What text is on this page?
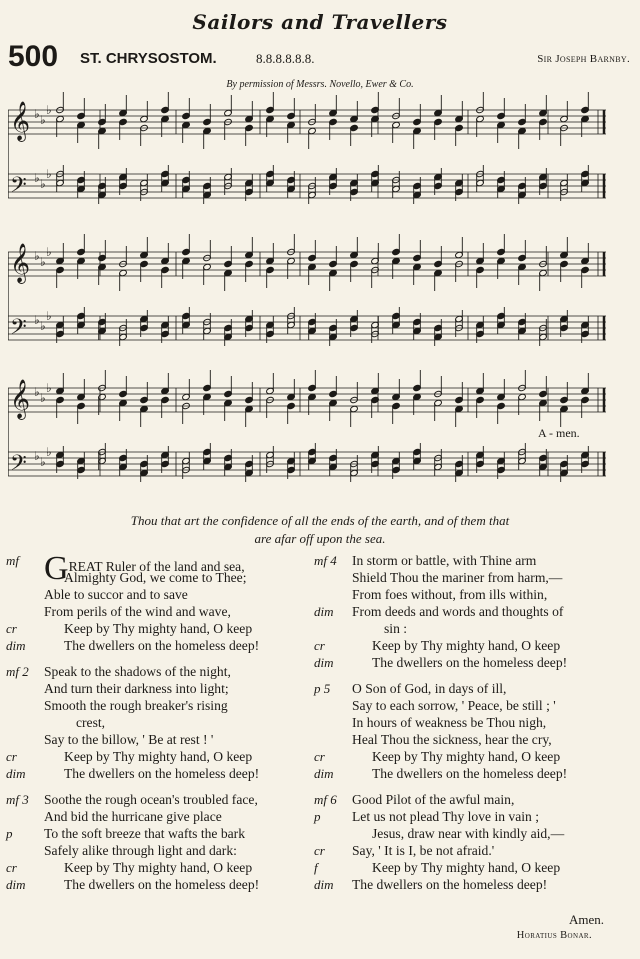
Sailors and Travellers
500 ST. CHRYSOSTOM.	8.8.8.8.8.8.	Sir Joseph Barnby.
By permission of Messrs. Novello, Ewer & Co.
𝄞 ♭ ♭
♭
𝄢 ♭ ♭
♭
𝄞 ♭ ♭
♭
𝄢 ♭ ♭
♭
𝄞 ♭ ♭
♭
𝄢 ♭ ♭
♭
A - men.
Thou that art the confidence of all the ends of the earth, and of them that
are afar off upon the sea.
mf GREAT Ruler of the land and sea,
Almighty God, we come to Thee;
Able to succor and to save
From perils of the wind and wave,
cr	Keep by Thy mighty hand, O keep
dim	The dwellers on the homeless deep!
mf 2	Speak to the shadows of the night,
And turn their darkness into light;
Smooth the rough breaker's rising
crest,
Say to the billow, ' Be at rest ! '
cr	Keep by Thy mighty hand, O keep
dim	The dwellers on the homeless deep!
mf 3	Soothe the rough ocean's troubled face,
And bid the hurricane give place
p	To the soft breeze that wafts the bark
Safely alike through light and dark:
cr	Keep by Thy mighty hand, O keep
dim	The dwellers on the homeless deep!
mf 4	In storm or battle, with Thine arm
Shield Thou the mariner from harm,—
From foes without, from ills within,
dim	From deeds and words and thoughts of
sin :
cr	Keep by Thy mighty hand, O keep
dim	The dwellers on the homeless deep!
p 5	O Son of God, in days of ill,
Say to each sorrow, ' Peace, be still ; '
In hours of weakness be Thou nigh,
Heal Thou the sickness, hear the cry,
cr	Keep by Thy mighty hand, O keep
dim	The dwellers on the homeless deep!
mf 6	Good Pilot of the awful main,
p	Let us not plead Thy love in vain ;
Jesus, draw near with kindly aid,—
cr	Say, ' It is I, be not afraid.'
f	Keep by Thy mighty hand, O keep
dim	The dwellers on the homeless deep!
Amen.
Horatius Bonar.
